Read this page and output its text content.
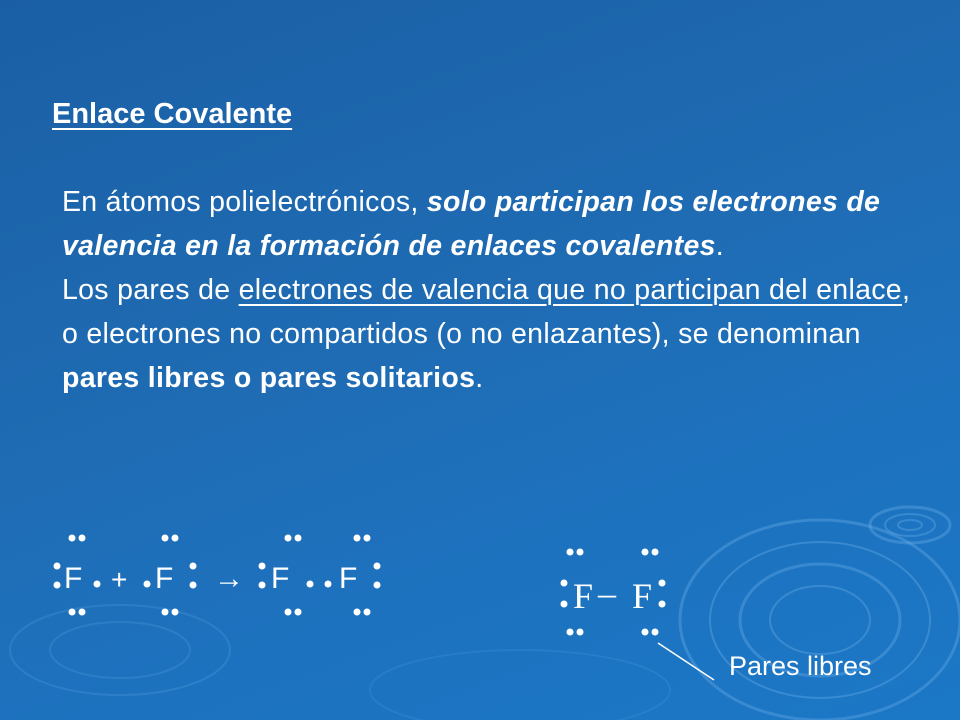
Enlace Covalente

En átomos polielectrónicos, solo participan los electrones de valencia en la formación de enlaces covalentes.

Los pares de electrones de valencia que no participan del enlace, o electrones no compartidos (o no enlazantes), se denominan pares libres o pares solitarios.

F + F → F F	F – F
Pares libres
